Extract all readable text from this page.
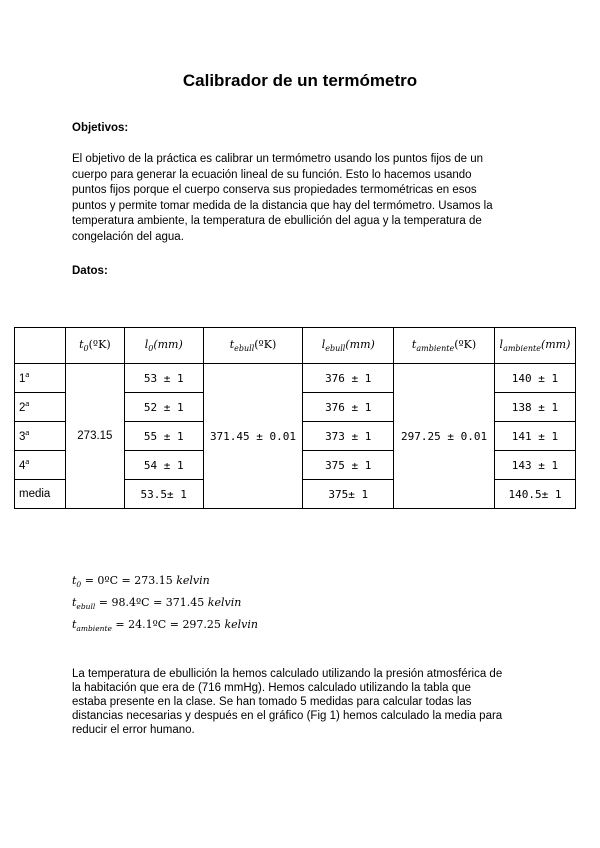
Calibrador de un termómetro
Objetivos:
El objetivo de la práctica es calibrar un termómetro usando los puntos fijos de un
cuerpo para generar la ecuación lineal de su función. Esto lo hacemos usando
puntos fijos porque el cuerpo conserva sus propiedades termométricas en esos
puntos y permite tomar medida de la distancia que hay del termómetro. Usamos la
temperatura ambiente, la temperatura de ebullición del agua y la temperatura de
congelación del agua.
Datos:
	$t_0(ºK)$	$l_0(mm)$	$t_{ebull}(ºK)$	$l_{ebull}(mm)$	$t_{ambiente}(ºK)$	$l_{ambiente}(mm)$
1$^a$	273.15	53 ± 1	371.45 ± 0.01	376 ± 1	297.25 ± 0.01	140 ± 1
2$^a$		52 ± 1		376 ± 1		138 ± 1
3$^a$		55 ± 1		373 ± 1		141 ± 1
4$^a$		54 ± 1		375 ± 1		143 ± 1
media		53.5± 1		375± 1		140.5± 1
$t_0$ = 0ºC = 273.15 kelvin
$t_{ebull}$ = 98.4ºC = 371.45 kelvin
$t_{ambiente}$ = 24.1ºC = 297.25 kelvin
La temperatura de ebullición la hemos calculado utilizando la presión atmosférica de
la habitación que era de (716 mmHg). Hemos calculado utilizando la tabla que
estaba presente en la clase. Se han tomado 5 medidas para calcular todas las
distancias necesarias y después en el gráfico (Fig 1) hemos calculado la media para
reducir el error humano.
